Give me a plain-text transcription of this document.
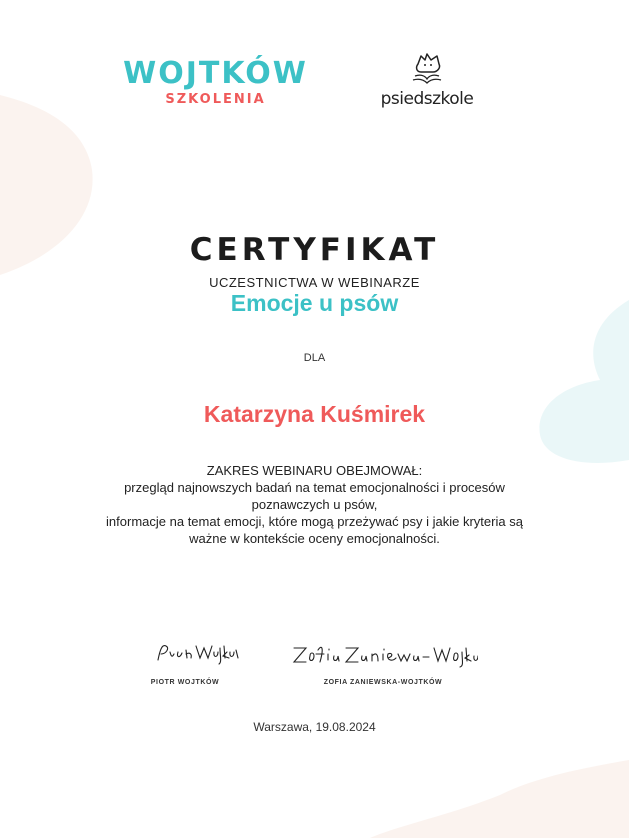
WOJTKÓW
SZKOLENIA	psiedszkole
CERTYFIKAT
UCZESTNICTWA W WEBINARZE
Emocje u psów
DLA
Katarzyna Kuśmirek
ZAKRES WEBINARU OBEJMOWAŁ:
przegląd najnowszych badań na temat emocjonalności i procesów
poznawczych u psów,
informacje na temat emocji, które mogą przeżywać psy i jakie kryteria są
ważne w kontekście oceny emocjonalności.
PIOTR WOJTKÓW	ZOFIA ZANIEWSKA-WOJTKÓW
Warszawa, 19.08.2024
